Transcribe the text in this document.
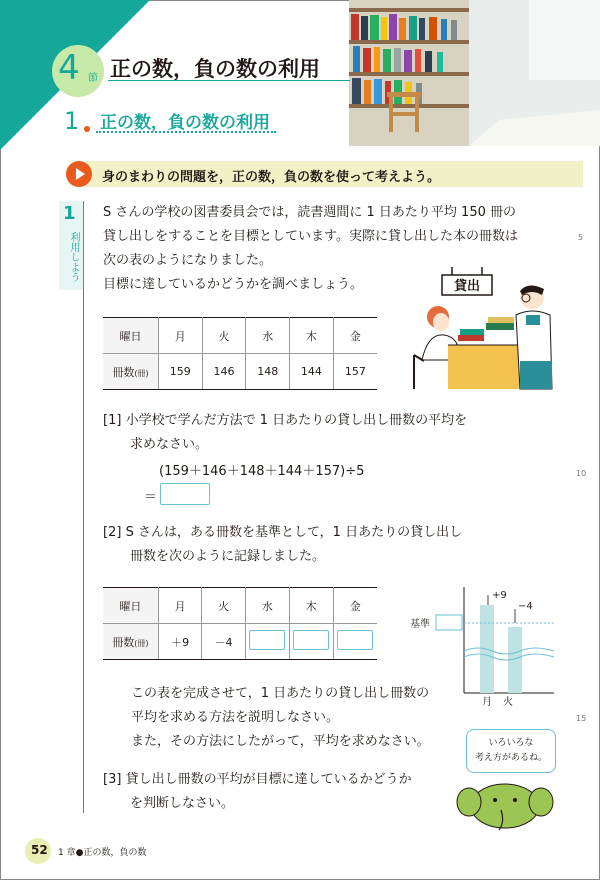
4 節 正の数，負の数の利用
1 正の数，負の数の利用
身のまわりの問題を，正の数，負の数を使って考えよう。
1
利用しよう
S さんの学校の図書委員会では，読書週間に 1 日あたり平均 150 冊の
貸し出しをすることを目標としています。実際に貸し出した本の冊数は
次の表のようになりました。
目標に達しているかどうかを調べましょう。
5
曜日	月	火	水	木	金
冊数(冊)	159	146	148	144	157
貸出
[1] 小学校で学んだ方法で 1 日あたりの貸し出し冊数の平均を
求めなさい。
(159＋146＋148＋144＋157)÷5
＝
10
[2] S さんは，ある冊数を基準として，1 日あたりの貸し出し
冊数を次のように記録しました。
曜日	月	火	水	木	金
冊数(冊)	＋9	－4			
+9
−4
基準
月 火
この表を完成させて，1 日あたりの貸し出し冊数の
平均を求める方法を説明しなさい。
また，その方法にしたがって，平均を求めなさい。
15
[3] 貸し出し冊数の平均が目標に達しているかどうか
を判断しなさい。
いろいろな
考え方があるね。
52 1 章●正の数，負の数
